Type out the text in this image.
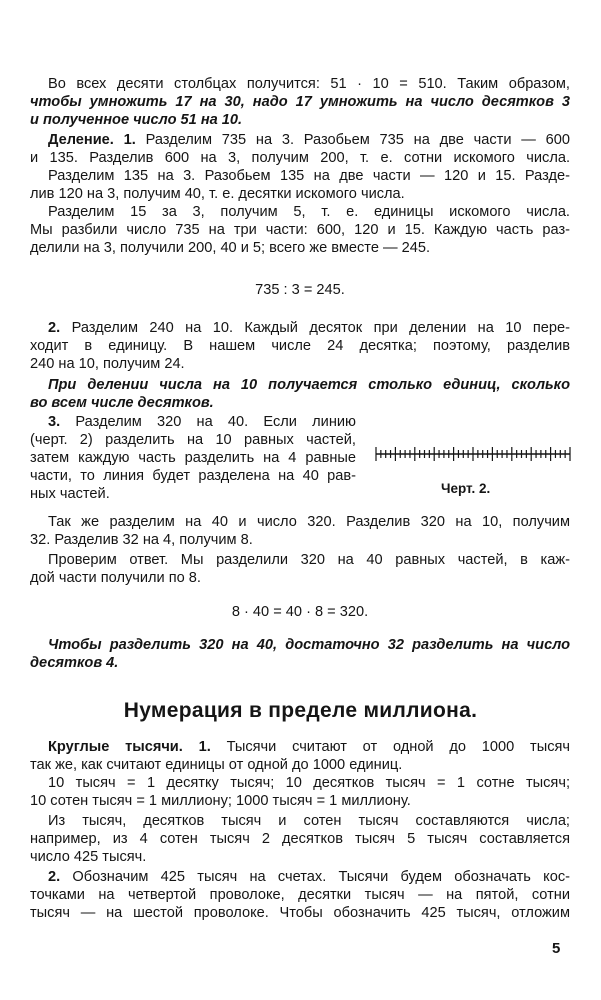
Во всех десяти столбцах получится: 51 · 10 = 510. Таким образом,
чтобы умножить 17 на 30, надо 17 умножить на число десятков 3
и полученное число 51 на 10.
Деление. 1. Разделим 735 на 3. Разобьем 735 на две части — 600
и 135. Разделив 600 на 3, получим 200, т. е. сотни искомого числа.
Разделим 135 на 3. Разобьем 135 на две части — 120 и 15. Разде-
лив 120 на 3, получим 40, т. е. десятки искомого числа.
Разделим 15 за 3, получим 5, т. е. единицы искомого числа.
Мы разбили число 735 на три части: 600, 120 и 15. Каждую часть раз-
делили на 3, получили 200, 40 и 5; всего же вместе — 245.
735 : 3 = 245.
2. Разделим 240 на 10. Каждый десяток при делении на 10 пере-
ходит в единицу. В нашем числе 24 десятка; поэтому, разделив
240 на 10, получим 24.
При делении числа на 10 получается столько единиц, сколько
во всем числе десятков.
3. Разделим 320 на 40. Если линию
(черт. 2) разделить на 10 равных частей,
затем каждую часть разделить на 4 равные
части, то линия будет разделена на 40 рав-
ных частей.	Черт. 2.
Так же разделим на 40 и число 320. Разделив 320 на 10, получим
32. Разделив 32 на 4, получим 8.
Проверим ответ. Мы разделили 320 на 40 равных частей, в каж-
дой части получили по 8.
8 · 40 = 40 · 8 = 320.
Чтобы разделить 320 на 40, достаточно 32 разделить на число
десятков 4.
Нумерация в пределе миллиона.
Круглые тысячи. 1. Тысячи считают от одной до 1000 тысяч
так же, как считают единицы от одной до 1000 единиц.
10 тысяч = 1 десятку тысяч; 10 десятков тысяч = 1 сотне тысяч;
10 сотен тысяч = 1 миллиону; 1000 тысяч = 1 миллиону.
Из тысяч, десятков тысяч и сотен тысяч составляются числа;
например, из 4 сотен тысяч 2 десятков тысяч 5 тысяч составляется
число 425 тысяч.
2. Обозначим 425 тысяч на счетах. Тысячи будем обозначать кос-
точками на четвертой проволоке, десятки тысяч — на пятой, сотни
тысяч — на шестой проволоке. Чтобы обозначить 425 тысяч, отложим
5
